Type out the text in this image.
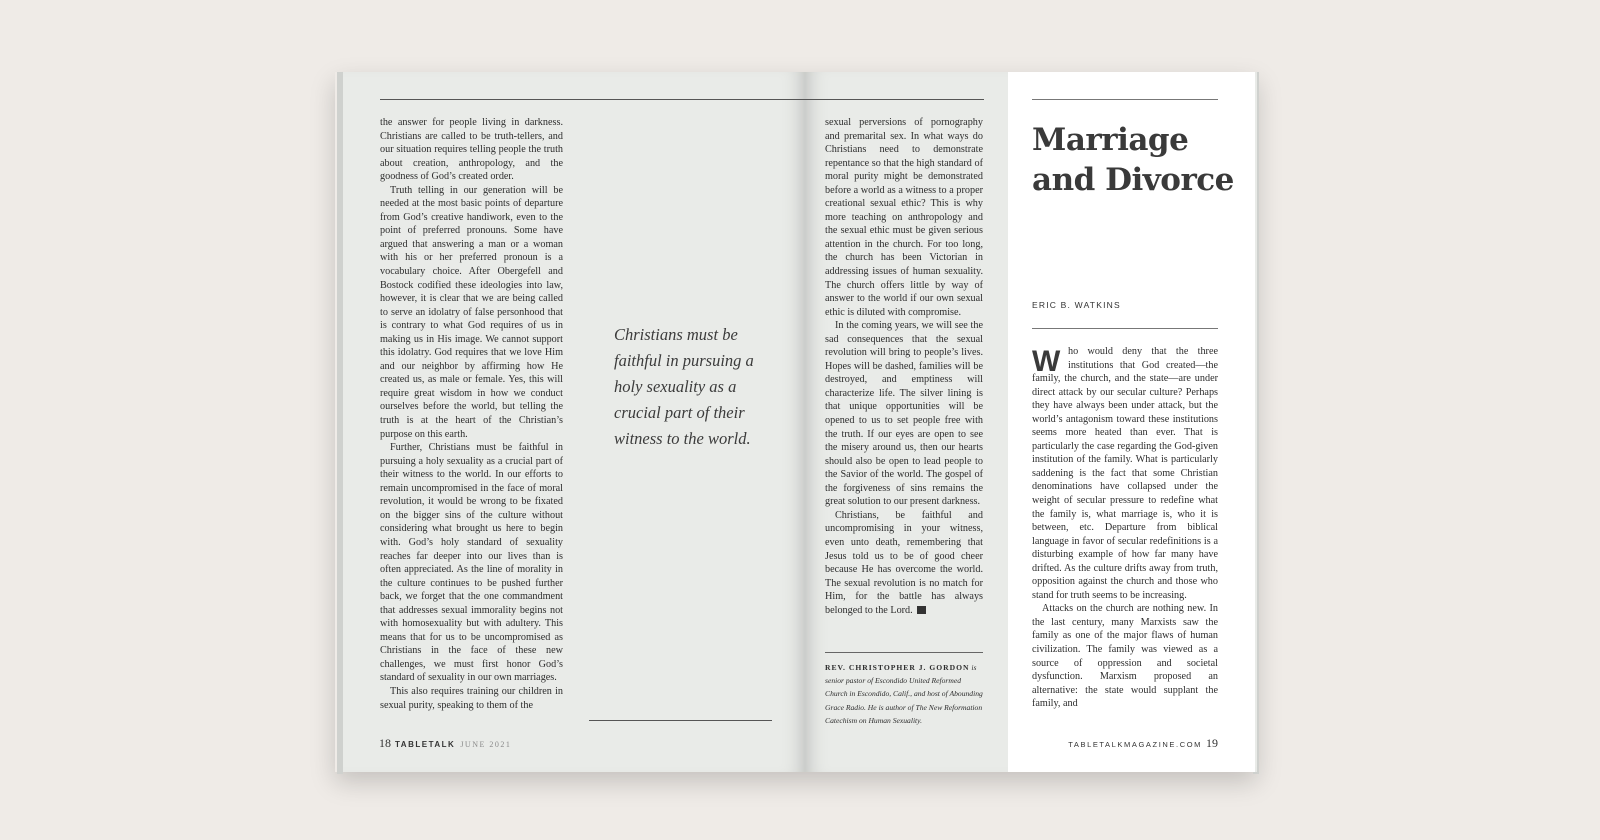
the answer for people living in darkness. Christians are called to be truth-tellers, and our situation requires telling people the truth about creation, anthropology, and the goodness of God’s created order.

Truth telling in our generation will be needed at the most basic points of departure from God’s creative handiwork, even to the point of preferred pronouns. Some have argued that answering a man or a woman with his or her preferred pronoun is a vocabulary choice. After Obergefell and Bostock codified these ideologies into law, however, it is clear that we are being called to serve an idolatry of false personhood that is contrary to what God requires of us in making us in His image. We cannot support this idolatry. God requires that we love Him and our neighbor by affirming how He created us, as male or female. Yes, this will require great wisdom in how we conduct ourselves before the world, but telling the truth is at the heart of the Christian’s purpose on this earth.

Further, Christians must be faithful in pursuing a holy sexuality as a crucial part of their witness to the world. In our efforts to remain uncompromised in the face of moral revolution, it would be wrong to be fixated on the bigger sins of the culture without considering what brought us here to begin with. God’s holy standard of sexuality reaches far deeper into our lives than is often appreciated. As the line of morality in the culture continues to be pushed further back, we forget that the one commandment that addresses sexual immorality begins not with homosexuality but with adultery. This means that for us to be uncompromised as Christians in the face of these new challenges, we must first honor God’s standard of sexuality in our own marriages.

This also requires training our children in sexual purity, speaking to them of the

Christians must be faithful in pursuing a holy sexuality as a crucial part of their witness to the world.
18 TABLETALK JUNE 2021

sexual perversions of pornography and premarital sex. In what ways do Christians need to demonstrate repentance so that the high standard of moral purity might be demonstrated before a world as a witness to a proper creational sexual ethic? This is why more teaching on anthropology and the sexual ethic must be given serious attention in the church. For too long, the church has been Victorian in addressing issues of human sexuality. The church offers little by way of answer to the world if our own sexual ethic is diluted with compromise.

In the coming years, we will see the sad consequences that the sexual revolution will bring to people’s lives. Hopes will be dashed, families will be destroyed, and emptiness will characterize life. The silver lining is that unique opportunities will be opened to us to set people free with the truth. If our eyes are open to see the misery around us, then our hearts should also be open to lead people to the Savior of the world. The gospel of the forgiveness of sins remains the great solution to our present darkness.

Christians, be faithful and uncompromising in your witness, even unto death, remembering that Jesus told us to be of good cheer because He has overcome the world. The sexual revolution is no match for Him, for the battle has always belonged to the Lord.

REV. CHRISTOPHER J. GORDON is senior pastor of Escondido United Reformed Church in Escondido, Calif., and host of Abounding Grace Radio. He is author of The New Reformation Catechism on Human Sexuality.
Marriage
and Divorce
ERIC B. WATKINS
W ho would deny that the three institutions that God created—the family, the church, and the state—are under direct attack by our secular culture? Perhaps they have always been under attack, but the world’s antagonism toward these institutions seems more heated than ever. That is particularly the case regarding the God-given institution of the family. What is particularly saddening is the fact that some Christian denominations have collapsed under the weight of secular pressure to redefine what the family is, what marriage is, who it is between, etc. Departure from biblical language in favor of secular redefinitions is a disturbing example of how far many have drifted. As the culture drifts away from truth, opposition against the church and those who stand for truth seems to be increasing.

Attacks on the church are nothing new. In the last century, many Marxists saw the family as one of the major flaws of human civilization. The family was viewed as a source of oppression and societal dysfunction. Marxism proposed an alternative: the state would supplant the family, and

TABLETALKMAGAZINE.COM 19
